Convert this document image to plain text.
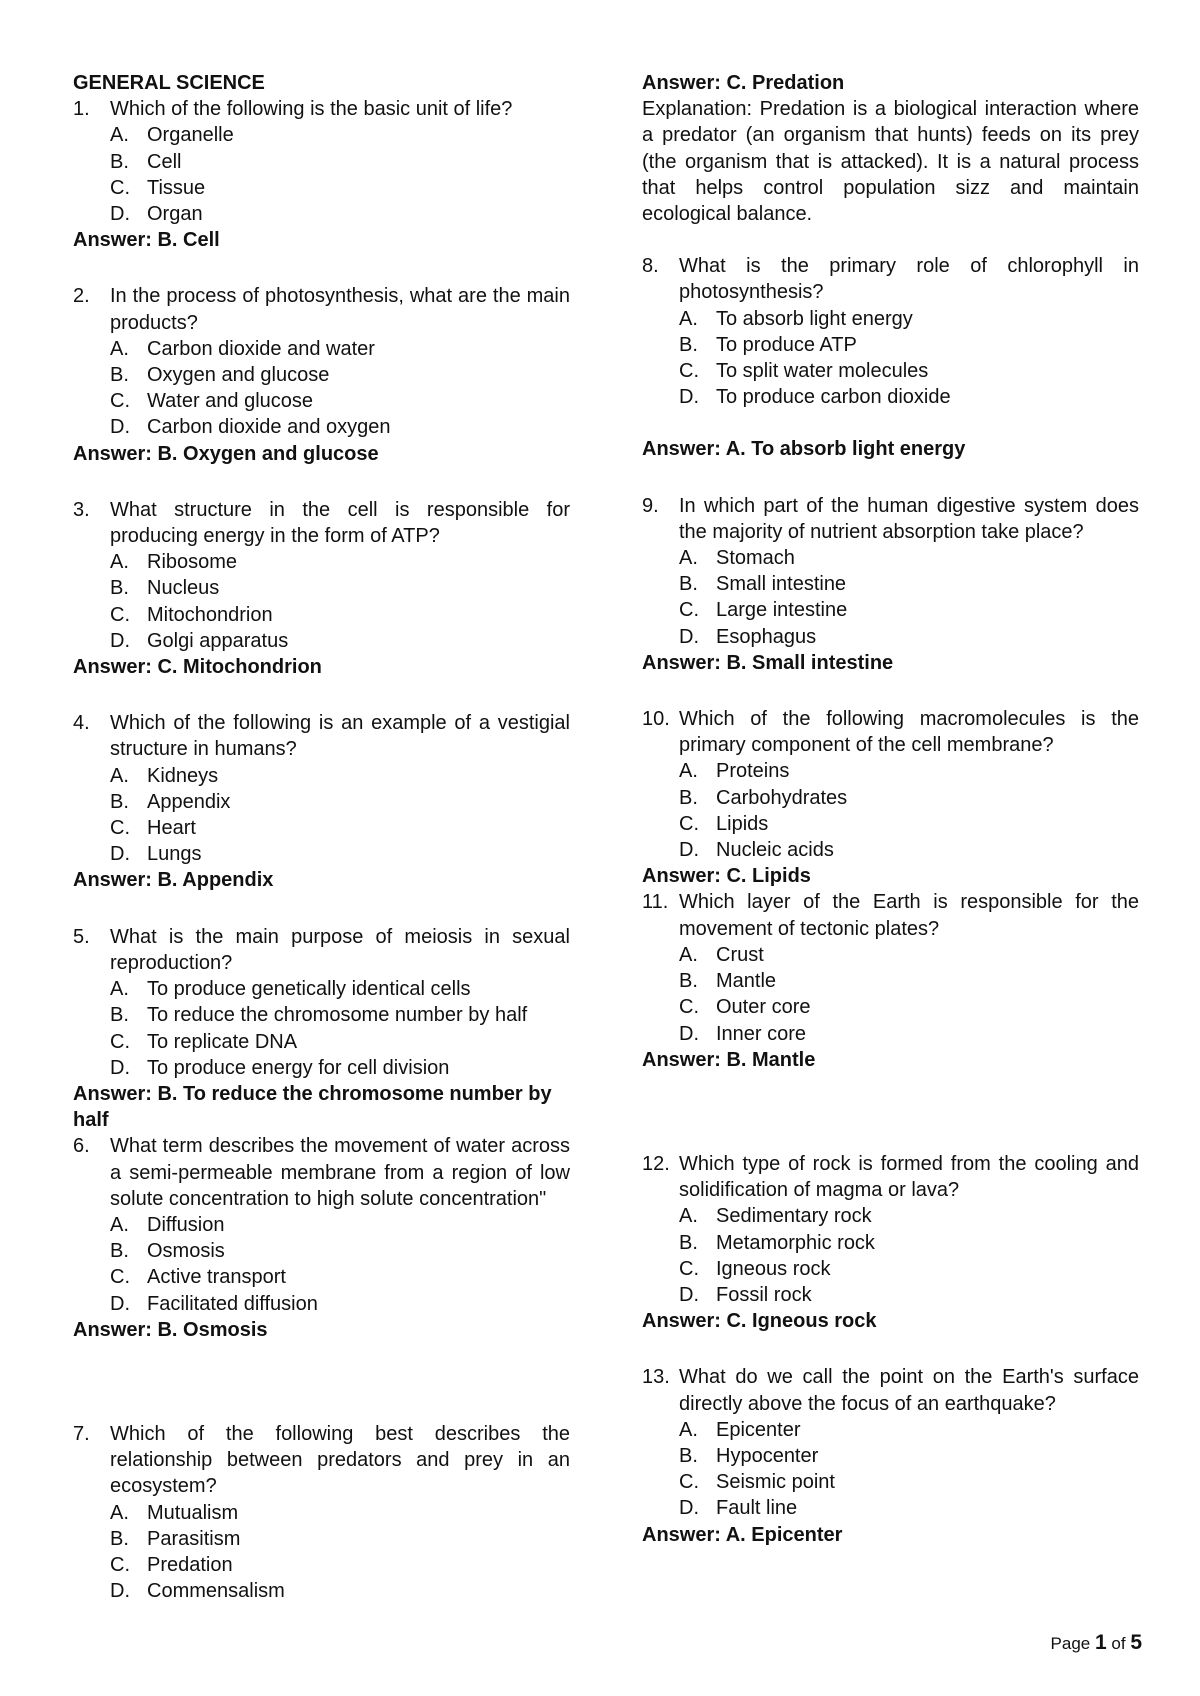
GENERAL SCIENCE
1.	Which of the following is the basic unit of life?
A. Organelle
B. Cell
C. Tissue
D. Organ
Answer: B. Cell
2.	In the process of photosynthesis, what are the main products?
A. Carbon dioxide and water
B. Oxygen and glucose
C. Water and glucose
D. Carbon dioxide and oxygen
Answer: B. Oxygen and glucose
3.	What structure in the cell is responsible for producing energy in the form of ATP?
A. Ribosome
B. Nucleus
C. Mitochondrion
D. Golgi apparatus
Answer: C. Mitochondrion
4.	Which of the following is an example of a vestigial structure in humans?
A. Kidneys
B. Appendix
C. Heart
D. Lungs
Answer: B. Appendix
5.	What is the main purpose of meiosis in sexual reproduction?
A. To produce genetically identical cells
B. To reduce the chromosome number by half
C. To replicate DNA
D. To produce energy for cell division
Answer: B. To reduce the chromosome number by half
6.	What term describes the movement of water across a semi-permeable membrane from a region of low solute concentration to high solute concentration"
A. Diffusion
B. Osmosis
C. Active transport
D. Facilitated diffusion
Answer: B. Osmosis
7.	Which of the following best describes the relationship between predators and prey in an ecosystem?
A. Mutualism
B. Parasitism
C. Predation
D. Commensalism
Answer: C. Predation
Explanation: Predation is a biological interaction where a predator (an organism that hunts) feeds on its prey (the organism that is attacked). It is a natural process that helps control population sizz and maintain ecological balance.
8.	What is the primary role of chlorophyll in photosynthesis?
A. To absorb light energy
B. To produce ATP
C. To split water molecules
D. To produce carbon dioxide
Answer: A. To absorb light energy
9.	In which part of the human digestive system does the majority of nutrient absorption take place?
A. Stomach
B. Small intestine
C. Large intestine
D. Esophagus
Answer: B. Small intestine
10. Which of the following macromolecules is the primary component of the cell membrane?
A. Proteins
B. Carbohydrates
C. Lipids
D. Nucleic acids
Answer: C. Lipids
11. Which layer of the Earth is responsible for the movement of tectonic plates?
A. Crust
B. Mantle
C. Outer core
D. Inner core
Answer: B. Mantle
12. Which type of rock is formed from the cooling and solidification of magma or lava?
A. Sedimentary rock
B. Metamorphic rock
C. Igneous rock
D. Fossil rock
Answer: C. Igneous rock
13. What do we call the point on the Earth's surface directly above the focus of an earthquake?
A. Epicenter
B. Hypocenter
C. Seismic point
D. Fault line
Answer: A. Epicenter
Page 1 of 5
